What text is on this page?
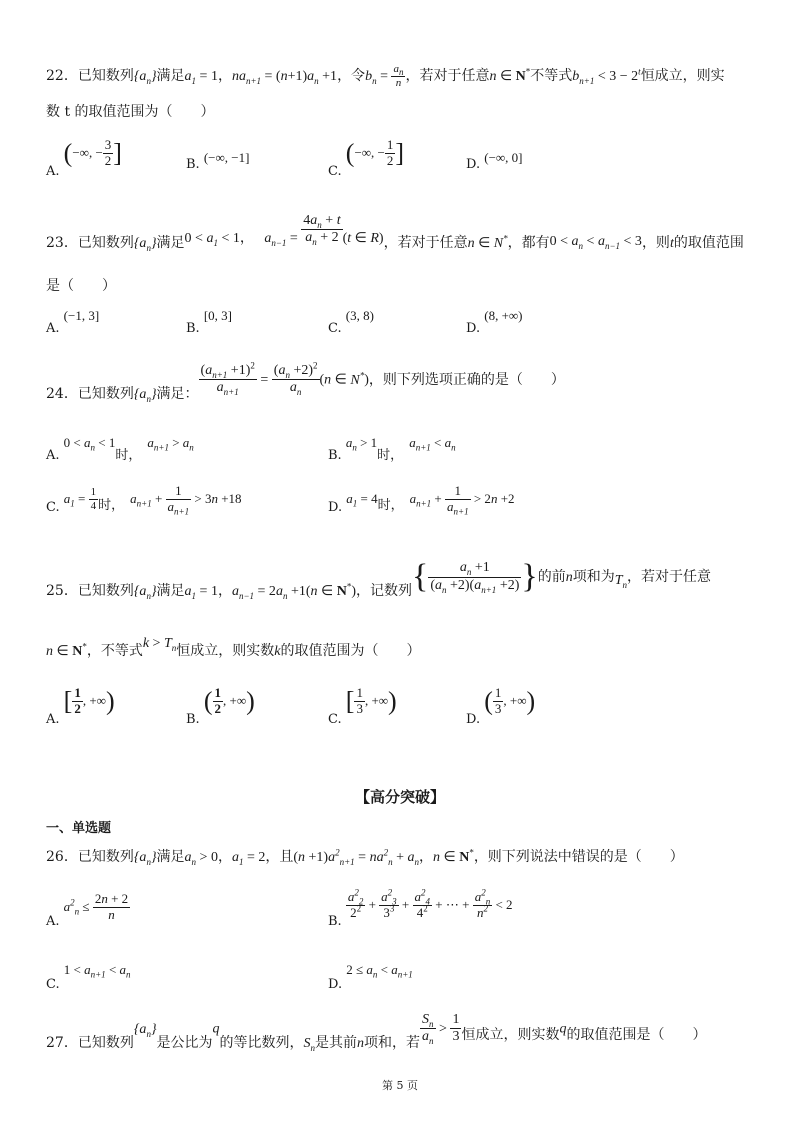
22．已知数列$\{a_n\}$满足$a_1 = 1$，$na_{n+1} = (n+1)a_n +1$，令$b_n = \frac{a_n}{n}$ ，若对于任意n ∈ N*不等式$b_{n+1} < 3 - 2^t$恒成立，则实
数 t 的取值范围为（　　）
A. (−∞, − $\frac{3}{2}$ ]	B. (−∞, −1]
C. (−∞, − $\frac{1}{2}$ ]	D. (−∞, 0]
23．已知数列$\{a_n\}$满足$0 < a_1 < 1$， $a_{n-1} = \frac{4a_n + t}{a_n + 2} (t$ ∈ R)，若对于任意n ∈ N*，都有$0 < a_n < a_{n-1} < 3$，则t的取值范围
是（　　）
A. (−1, 3]
B. [0, 3]
C. (3, 8)
D. (8, +∞)
24．已知数列$\{a_n\}$满足： $\frac{(a_{n+1} +1)^2}{a_{n+1}} = \frac{(a_n +2)^2}{a_n} (n$ ∈ N*)，则下列选项正确的是（　　）
A. $0 < a_n < 1$时，$a_{n+1} > a_n$
B. $a_n > 1$时，$a_{n+1} < a_n$
C. $a_1 = \frac{1}{4}$ 时， $a_{n+1} + \frac{1}{a_{n+1}} > 3n +18$
D. $a_1 = 4$时， $a_{n+1} + \frac{1}{a_{n+1}} > 2n +2$
25．已知数列$\{a_n\}$满足$a_1 = 1$，$a_{n-1} = 2a_n +1(n$ ∈ N*)，记数列{ $\frac{a_n +1}{(a_n +2)(a_{n+1} +2)}$ }的前n项和为$T_n$，若对于任意
n ∈ N*，不等式$k > T_n$恒成立，则实数k的取值范围为（　　）
A. [ $\frac{1}{2}$ , +∞)
B. ( $\frac{1}{2}$ , +∞)
C. [ $\frac{1}{3}$ , +∞)
D. ( $\frac{1}{3}$ , +∞)
【高分突破】
一、单选题
26．已知数列$\{a_n\}$满足$a_n > 0$，$a_1 = 2$，且$(n +1)a^2_{n+1} = na^2_n + a_n$，n ∈ N*，则下列说法中错误的是（　　）
A. $a^2_n \le \frac{2n + 2}{n}$	B.
$\frac{a^2_2}{2^2} + \frac{a^2_3}{3^3} + \frac{a^2_4}{4^2}$ + ⋯ + $\frac{a^2_n}{n^2} < 2$
C. $1 < a_{n+1} < a_n$
D. $2 \le a_n < a_{n+1}$
27．已知数列$\{a_n\}$是公比为q的等比数列，$S_n$是其前n项和，若 $\frac{S_n}{a_n} > \frac{1}{3}$ 恒成立，则实数q的取值范围是（　　）
第 5 页
